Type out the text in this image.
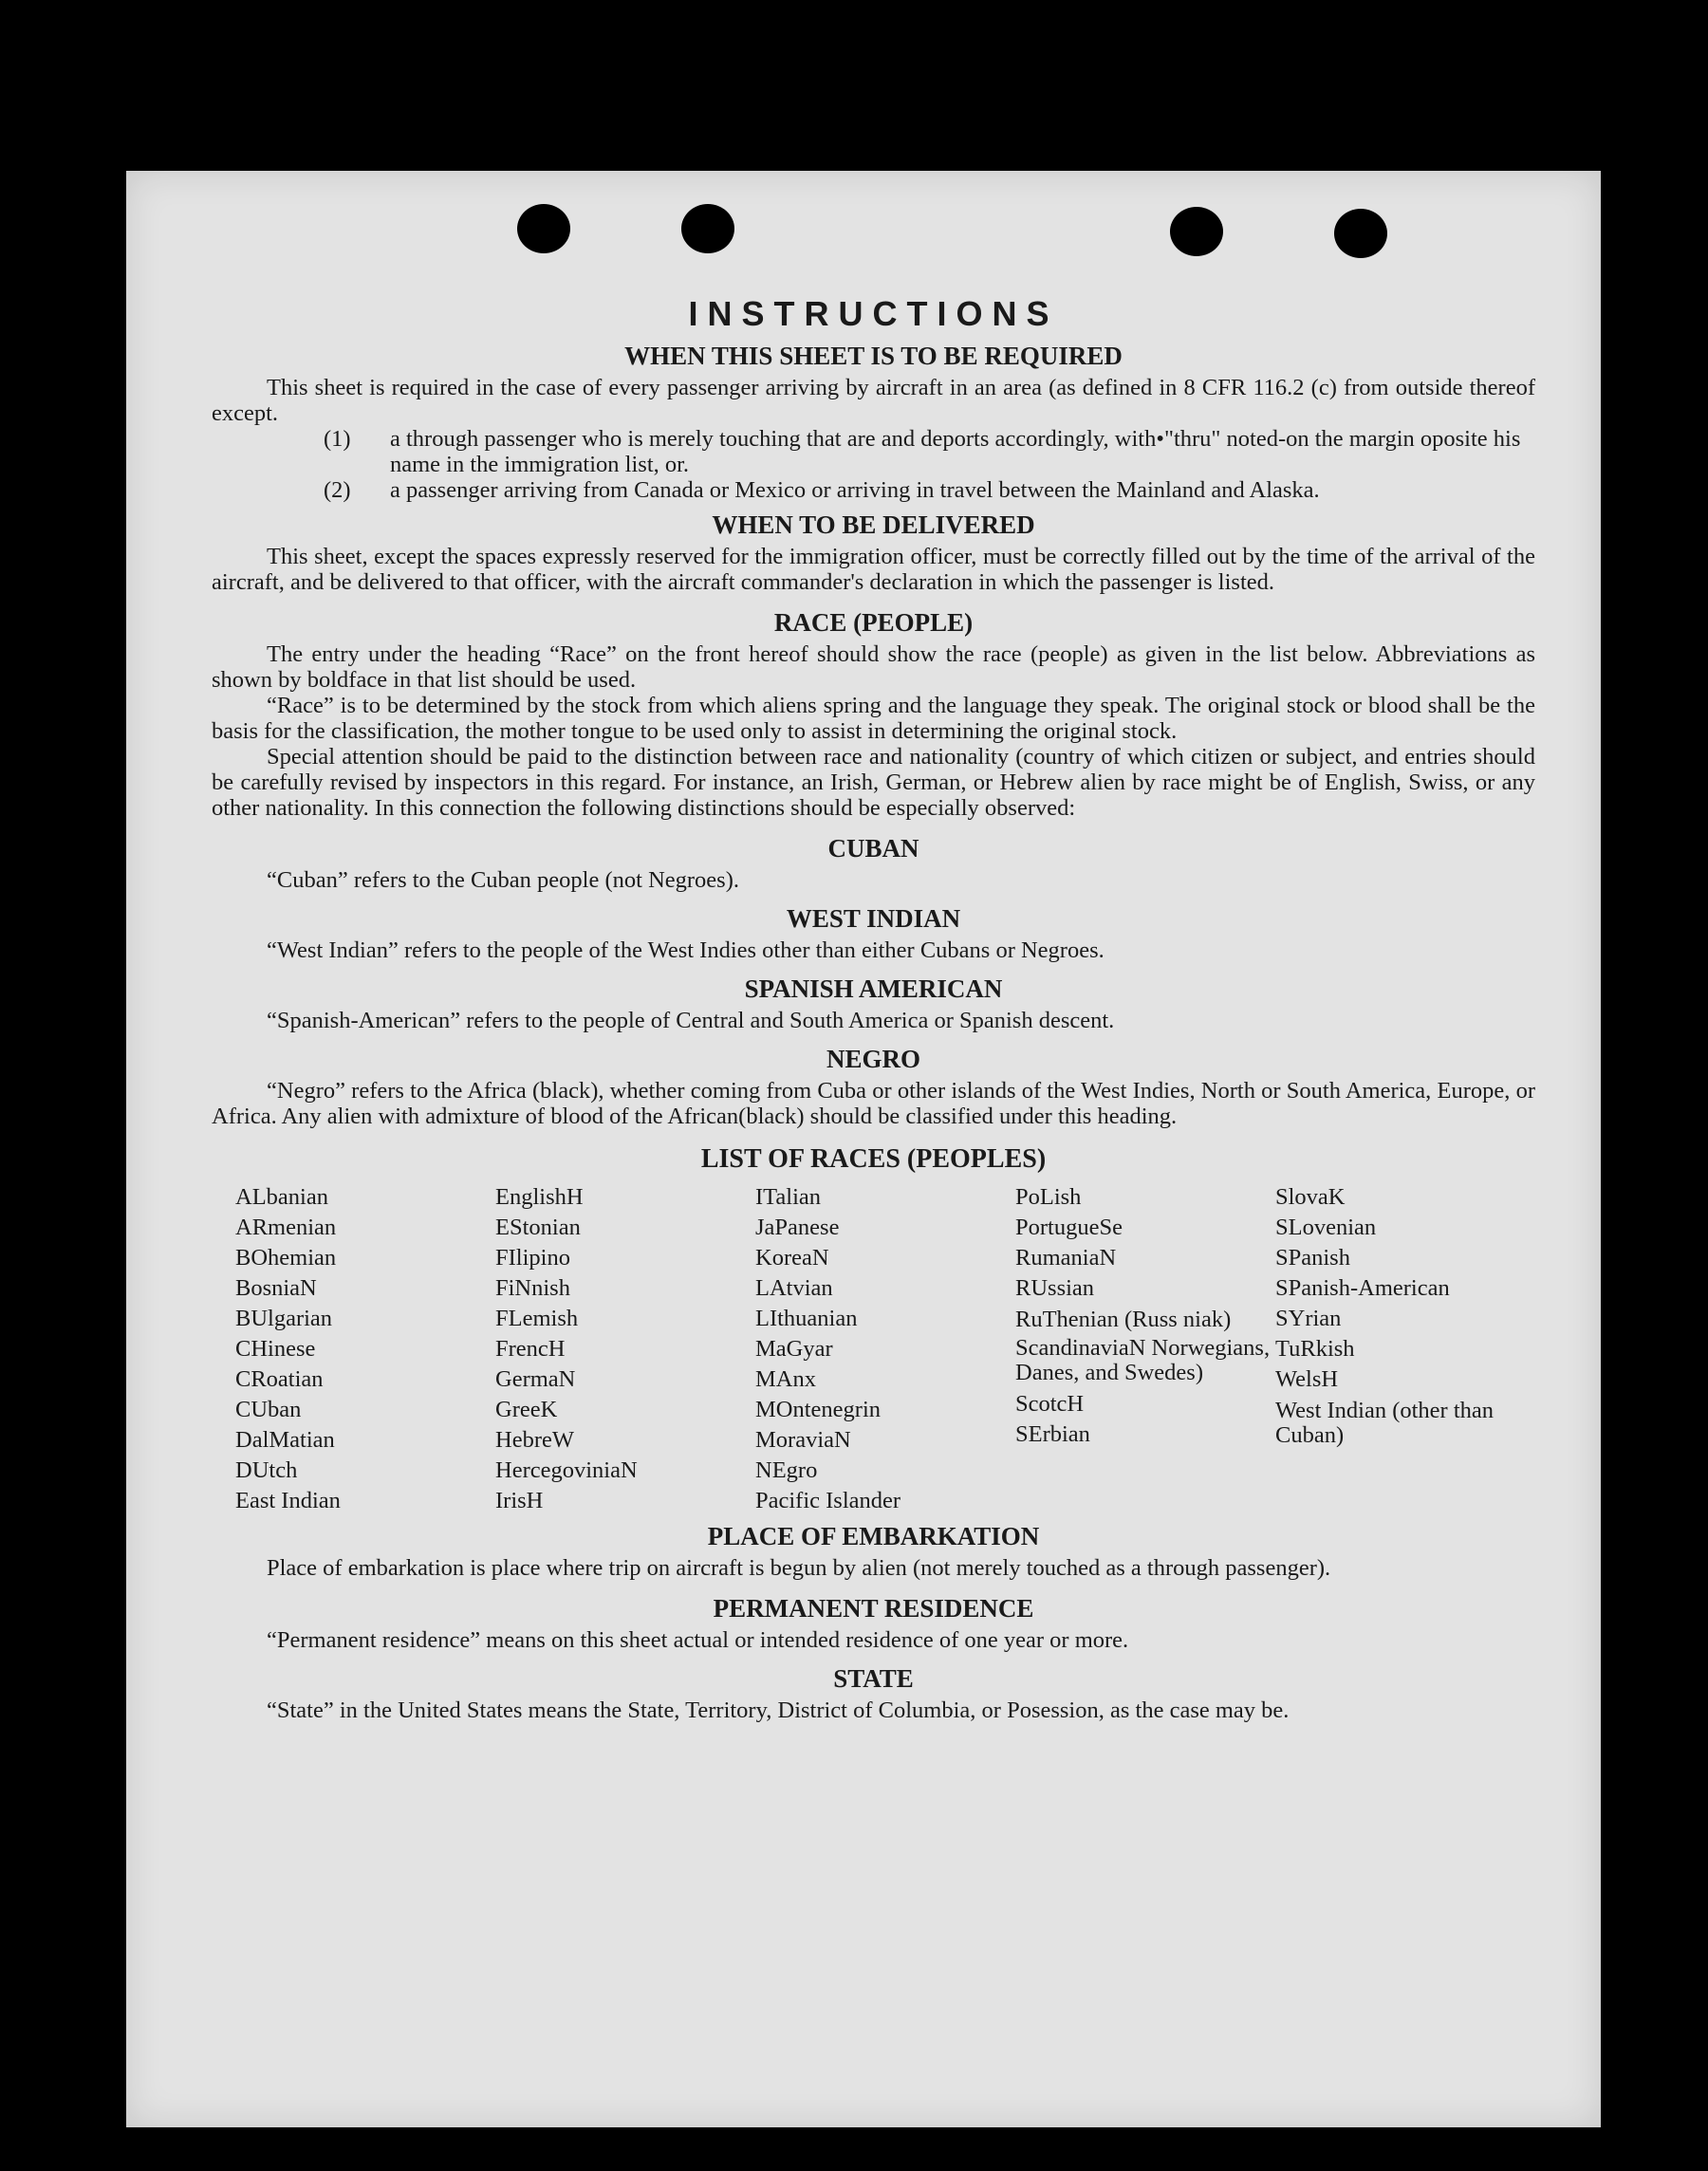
INSTRUCTIONS
WHEN THIS SHEET IS TO BE REQUIRED

This sheet is required in the case of every passenger arriving by aircraft in an area (as defined in 8 CFR 116.2 (c) from outside thereof except.

(1)	a through passenger who is merely touching that are and deports accordingly, with•"thru" noted-on the margin oposite his name in the immigration list, or.
(2)	a passenger arriving from Canada or Mexico or arriving in travel between the Mainland and Alaska.
WHEN TO BE DELIVERED

This sheet, except the spaces expressly reserved for the immigration officer, must be correctly filled out by the time of the arrival of the aircraft, and be delivered to that officer, with the aircraft commander's declaration in which the passenger is listed.

RACE (PEOPLE)

The entry under the heading “Race” on the front hereof should show the race (people) as given in the list below. Abbreviations as shown by boldface in that list should be used.

“Race” is to be determined by the stock from which aliens spring and the language they speak. The original stock or blood shall be the basis for the classification, the mother tongue to be used only to assist in determining the original stock.

Special attention should be paid to the distinction between race and nationality (country of which citizen or subject, and entries should be carefully revised by inspectors in this regard. For instance, an Irish, German, or Hebrew alien by race might be of English, Swiss, or any other nationality. In this connection the following distinctions should be especially observed:

CUBAN

“Cuban” refers to the Cuban people (not Negroes).

WEST INDIAN

“West Indian” refers to the people of the West Indies other than either Cubans or Negroes.

SPANISH AMERICAN

“Spanish-American” refers to the people of Central and South America or Spanish descent.

NEGRO

“Negro” refers to the Africa (black), whether coming from Cuba or other islands of the West Indies, North or South America, Europe, or Africa. Any alien with admixture of blood of the African(black) should be classified under this heading.

LIST OF RACES (PEOPLES)
ALbanian
ARmenian
BOhemian
BosniaN
BUlgarian
CHinese
CRoatian
CUban
DalMatian
DUtch
East Indian
EnglishH
EStonian
FIlipino
FiNnish
FLemish
FrencH
GermaN
GreeK
HebreW
HercegoviniaN
IrisH
ITalian
JaPanese
KoreaN
LAtvian
LIthuanian
MaGyar
MAnx
MOntenegrin
MoraviaN
NEgro
Pacific Islander
PoLish
PortugueSe
RumaniaN
RUssian
RuThenian (Russ niak)
ScandinaviaN Norwegians, Danes, and Swedes)
ScotcH
SErbian
SlovaK
SLovenian
SPanish
SPanish-American
SYrian
TuRkish
WelsH
West Indian (other than Cuban)
PLACE OF EMBARKATION

Place of embarkation is place where trip on aircraft is begun by alien (not merely touched as a through passenger).

PERMANENT RESIDENCE

“Permanent residence” means on this sheet actual or intended residence of one year or more.

STATE

“State” in the United States means the State, Territory, District of Columbia, or Posession, as the case may be.
